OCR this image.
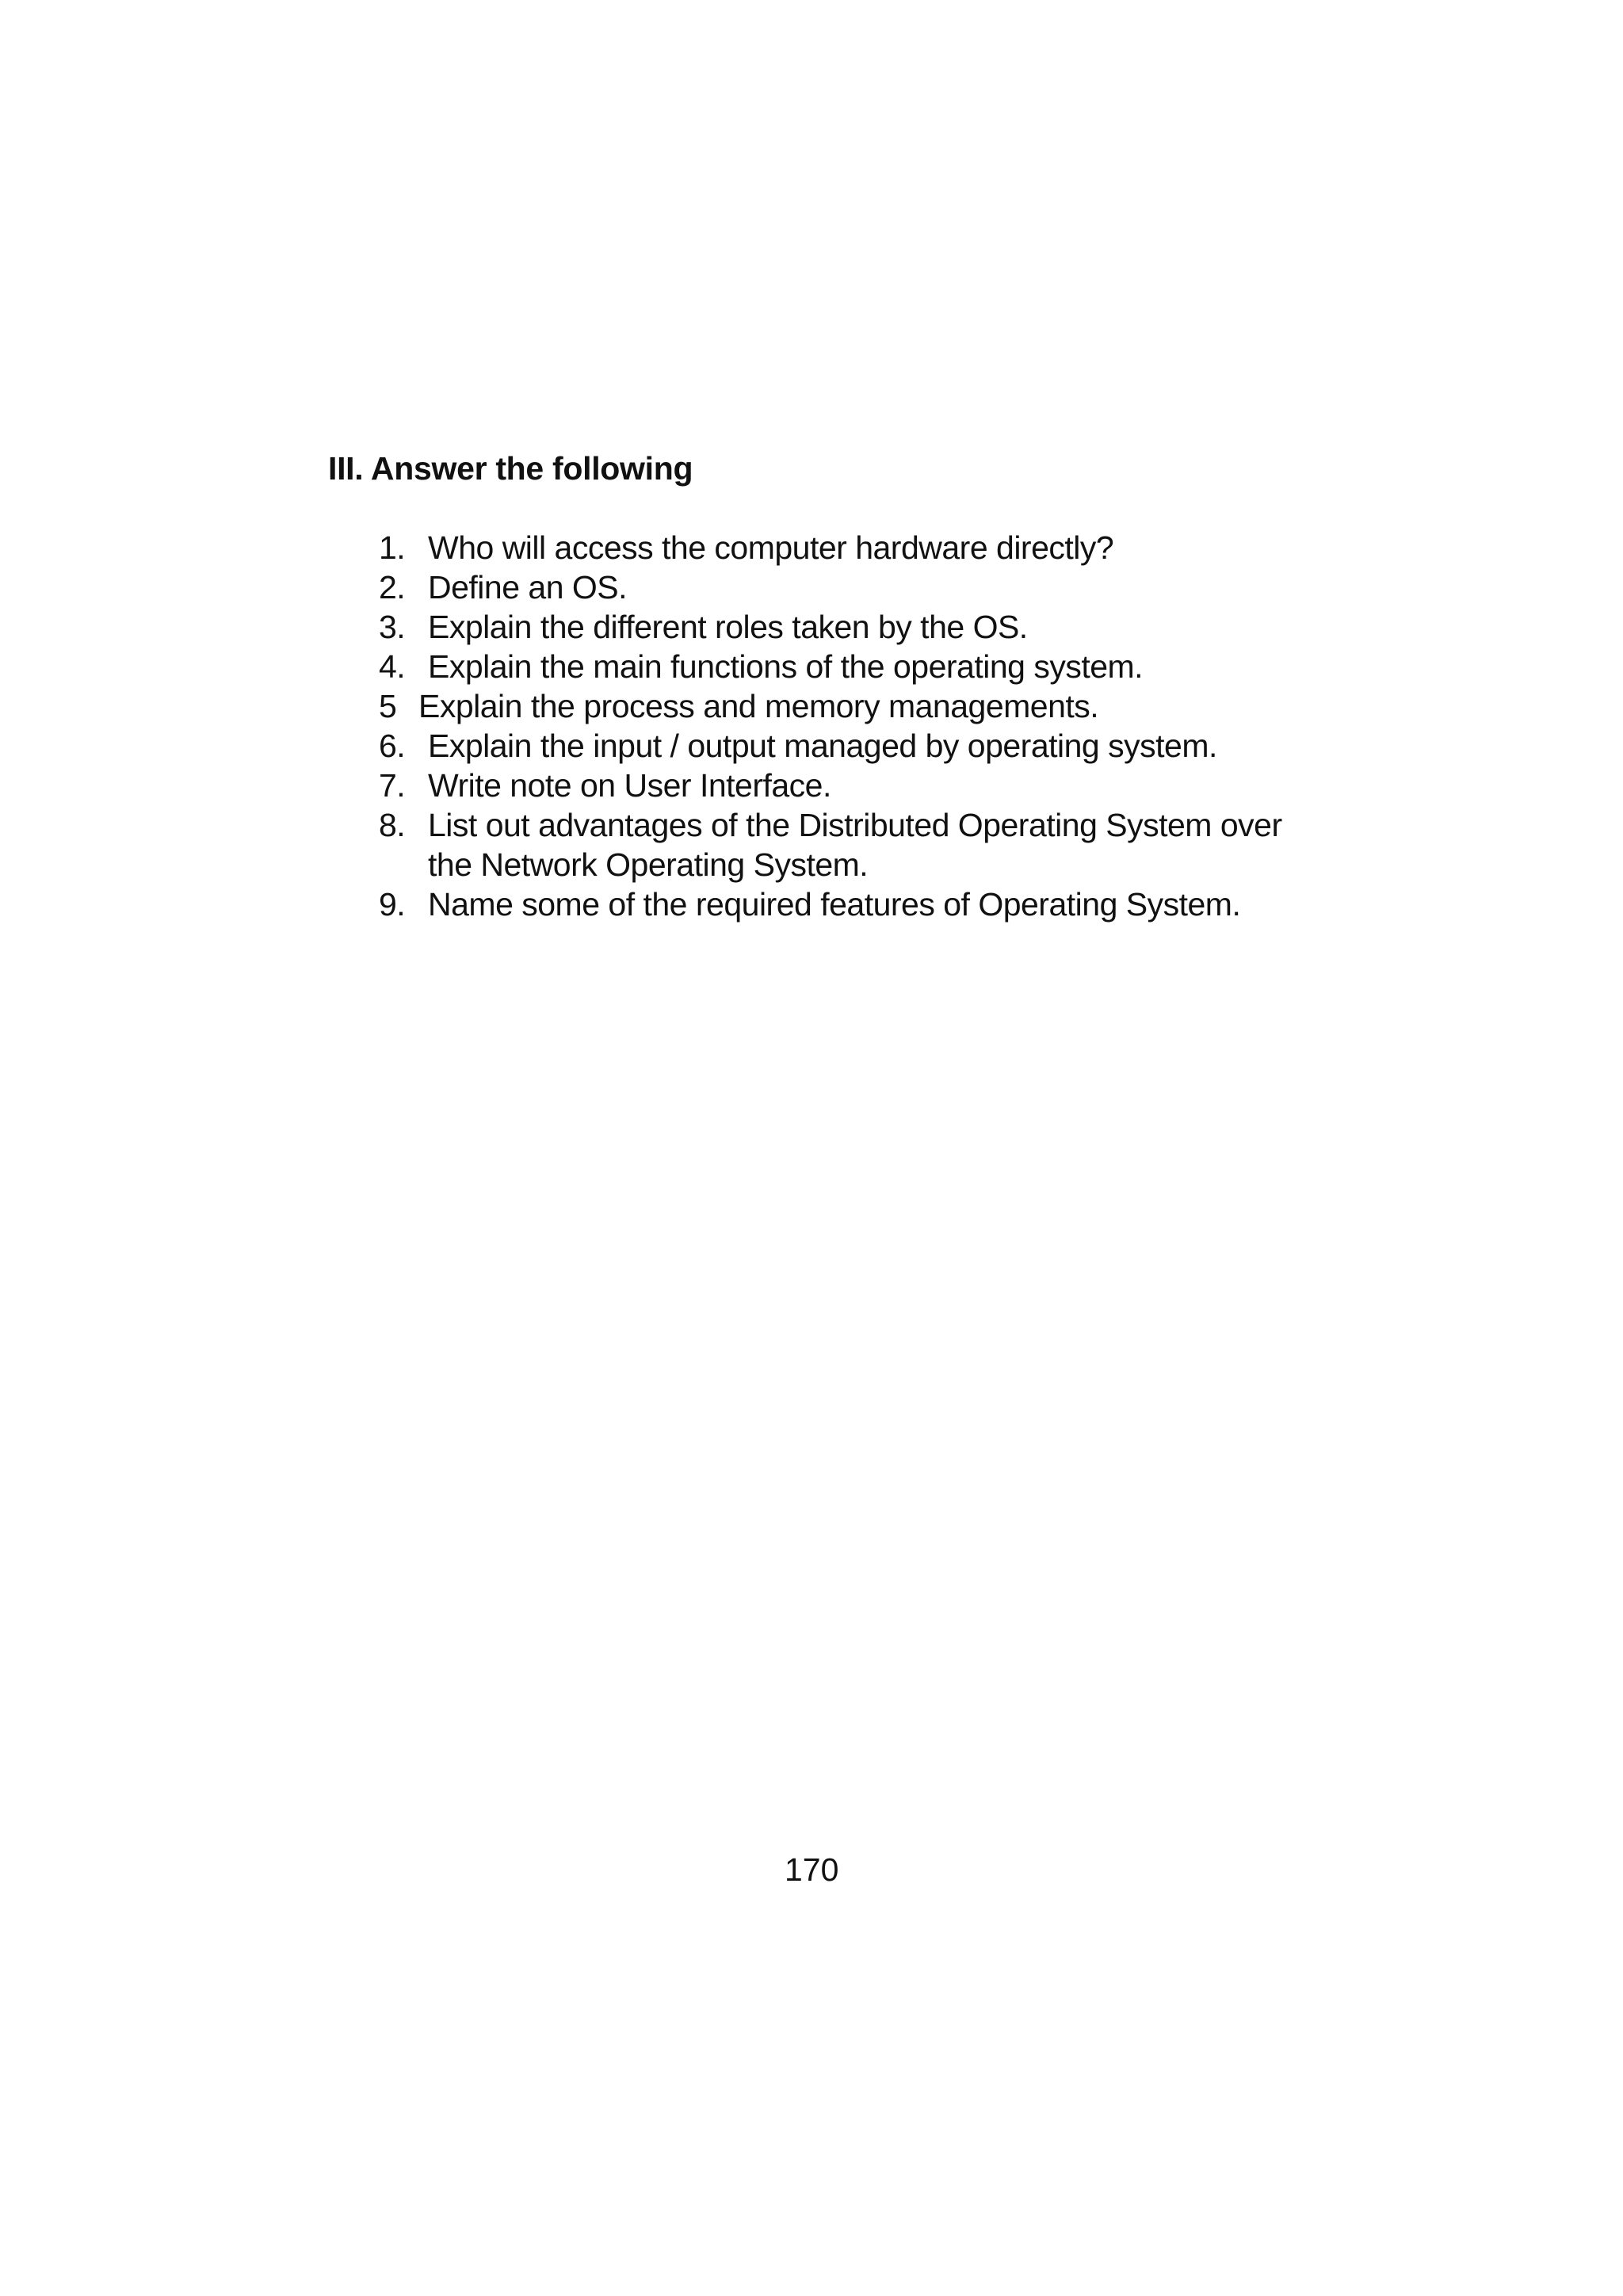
III. Answer the following
1. Who will access the computer hardware directly?
2. Define an OS.
3. Explain the different roles taken by the OS.
4. Explain the main functions of the operating system.
5 Explain the process and memory managements.
6. Explain the input / output managed by operating system.
7. Write note on User Interface.
8. List out advantages of the Distributed Operating System over
the Network Operating System.
9. Name some of the required features of Operating System.

170
